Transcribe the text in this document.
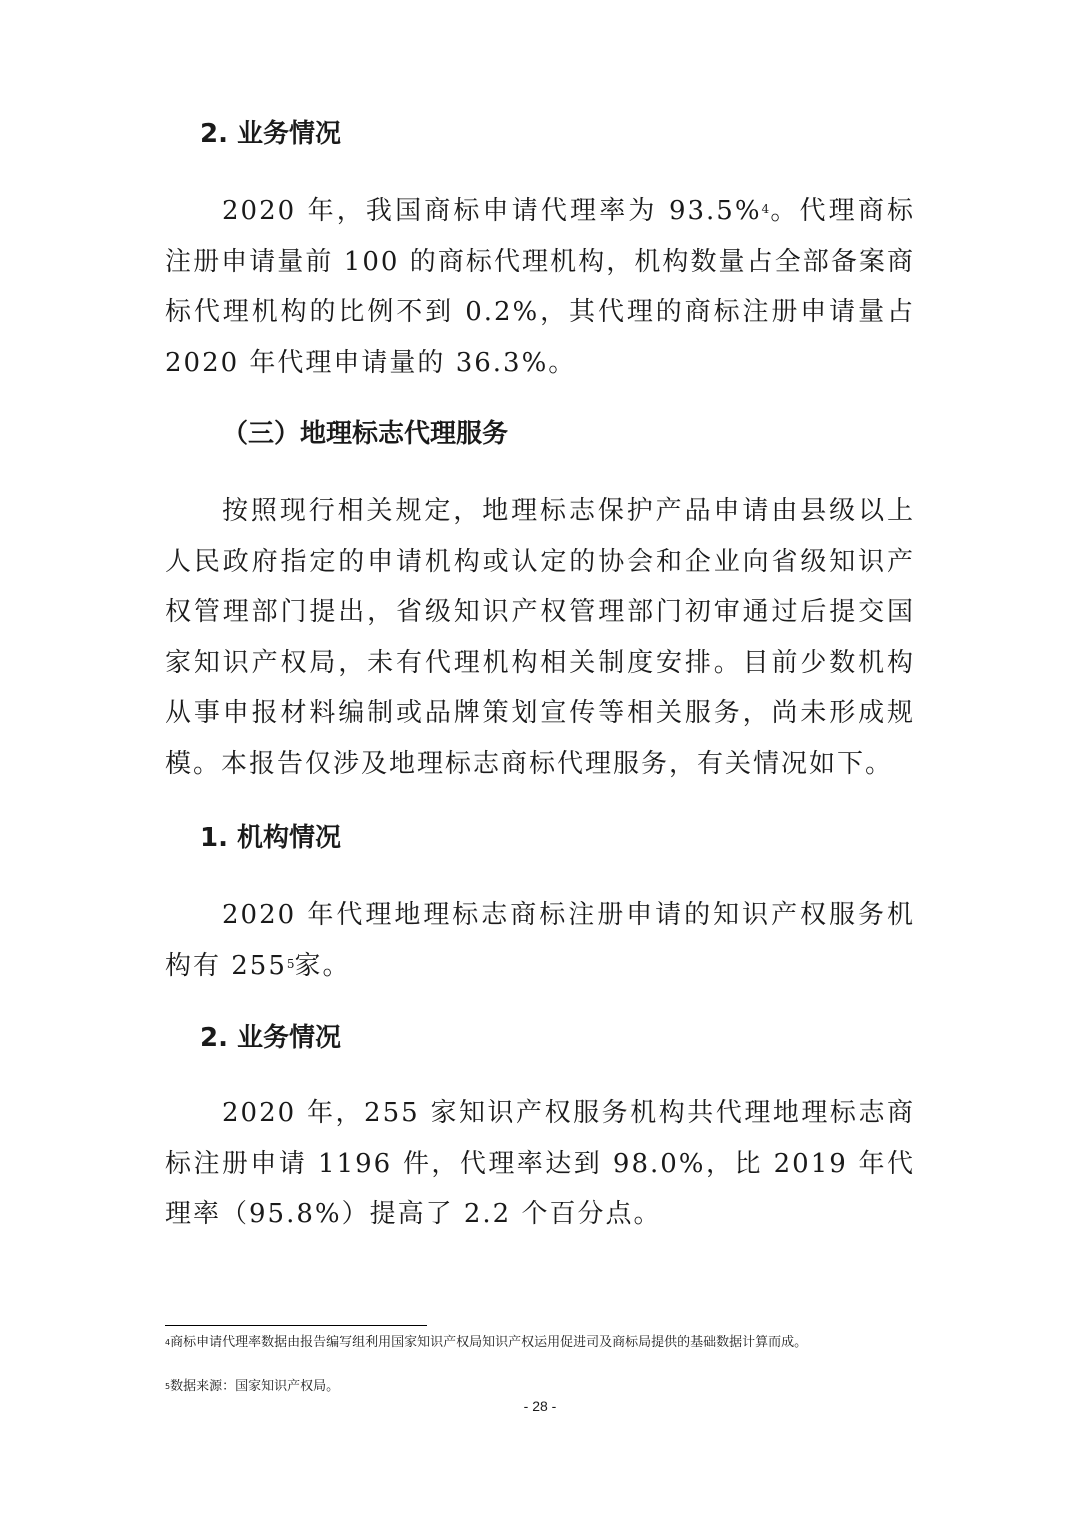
2. 业务情况
2020 年，我国商标申请代理率为 93.5%$^4$。代理商标注册申请量前 100 的商标代理机构，机构数量占全部备案商标代理机构的比例不到 0.2%，其代理的商标注册申请量占 2020 年代理申请量的 36.3%。
（三）地理标志代理服务
按照现行相关规定，地理标志保护产品申请由县级以上人民政府指定的申请机构或认定的协会和企业向省级知识产权管理部门提出，省级知识产权管理部门初审通过后提交国家知识产权局，未有代理机构相关制度安排。目前少数机构从事申报材料编制或品牌策划宣传等相关服务，尚未形成规模。本报告仅涉及地理标志商标代理服务，有关情况如下。
1. 机构情况
2020 年代理地理标志商标注册申请的知识产权服务机构有 $255^5$家。
2. 业务情况
2020 年，255 家知识产权服务机构共代理地理标志商标注册申请 1196 件，代理率达到 98.0%，比 2019 年代理率（95.8%）提高了 2.2 个百分点。
$^4$商标申请代理率数据由报告编写组利用国家知识产权局知识产权运用促进司及商标局提供的基础数据计算而成。
$^5$数据来源：国家知识产权局。
- 28 -
